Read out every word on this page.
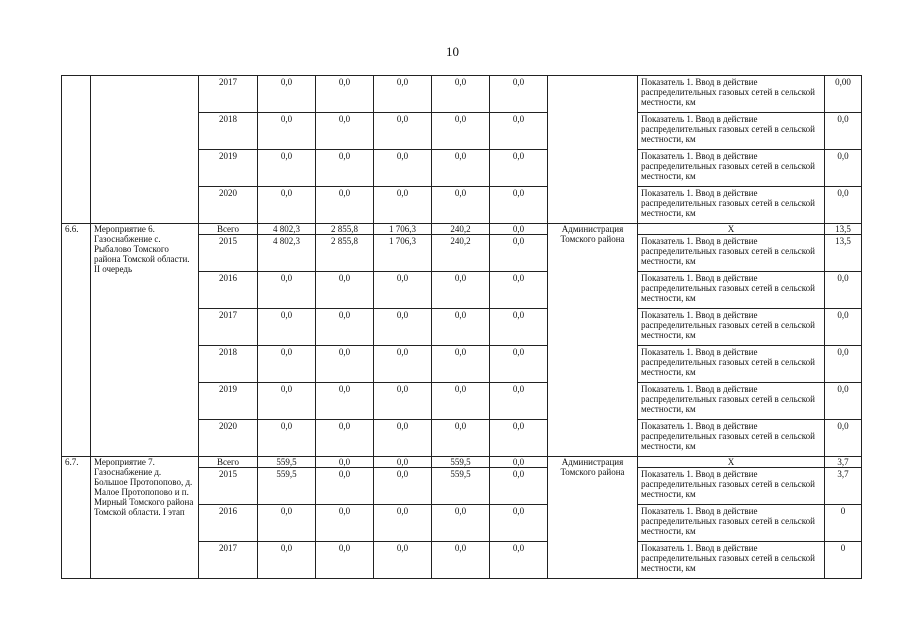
10
		2017	0,0	0,0	0,0	0,0	0,0		Показатель 1. Ввод в действие распределительных газовых сетей в сельской местности, км	0,00
		2018	0,0	0,0	0,0	0,0	0,0		Показатель 1. Ввод в действие распределительных газовых сетей в сельской местности, км	0,0
		2019	0,0	0,0	0,0	0,0	0,0		Показатель 1. Ввод в действие распределительных газовых сетей в сельской местности, км	0,0
		2020	0,0	0,0	0,0	0,0	0,0		Показатель 1. Ввод в действие распределительных газовых сетей в сельской местности, км	0,0
6.6.	Мероприятие 6. Газоснабжение с. Рыбалово Томского района Томской области. II очередь	Всего	4 802,3	2 855,8	1 706,3	240,2	0,0	Администрация Томского района	Х	13,5
		2015	4 802,3	2 855,8	1 706,3	240,2	0,0		Показатель 1. Ввод в действие распределительных газовых сетей в сельской местности, км	13,5
		2016	0,0	0,0	0,0	0,0	0,0		Показатель 1. Ввод в действие распределительных газовых сетей в сельской местности, км	0,0
		2017	0,0	0,0	0,0	0,0	0,0		Показатель 1. Ввод в действие распределительных газовых сетей в сельской местности, км	0,0
		2018	0,0	0,0	0,0	0,0	0,0		Показатель 1. Ввод в действие распределительных газовых сетей в сельской местности, км	0,0
		2019	0,0	0,0	0,0	0,0	0,0		Показатель 1. Ввод в действие распределительных газовых сетей в сельской местности, км	0,0
		2020	0,0	0,0	0,0	0,0	0,0		Показатель 1. Ввод в действие распределительных газовых сетей в сельской местности, км	0,0
6.7.	Мероприятие 7. Газоснабжение д. Большое Протопопово, д. Малое Протопопово и п. Мирный Томского района Томской области. I этап	Всего	559,5	0,0	0,0	559,5	0,0	Администрация Томского района	Х	3,7
		2015	559,5	0,0	0,0	559,5	0,0		Показатель 1. Ввод в действие распределительных газовых сетей в сельской местности, км	3,7
		2016	0,0	0,0	0,0	0,0	0,0		Показатель 1. Ввод в действие распределительных газовых сетей в сельской местности, км	0
		2017	0,0	0,0	0,0	0,0	0,0		Показатель 1. Ввод в действие распределительных газовых сетей в сельской местности, км	0
